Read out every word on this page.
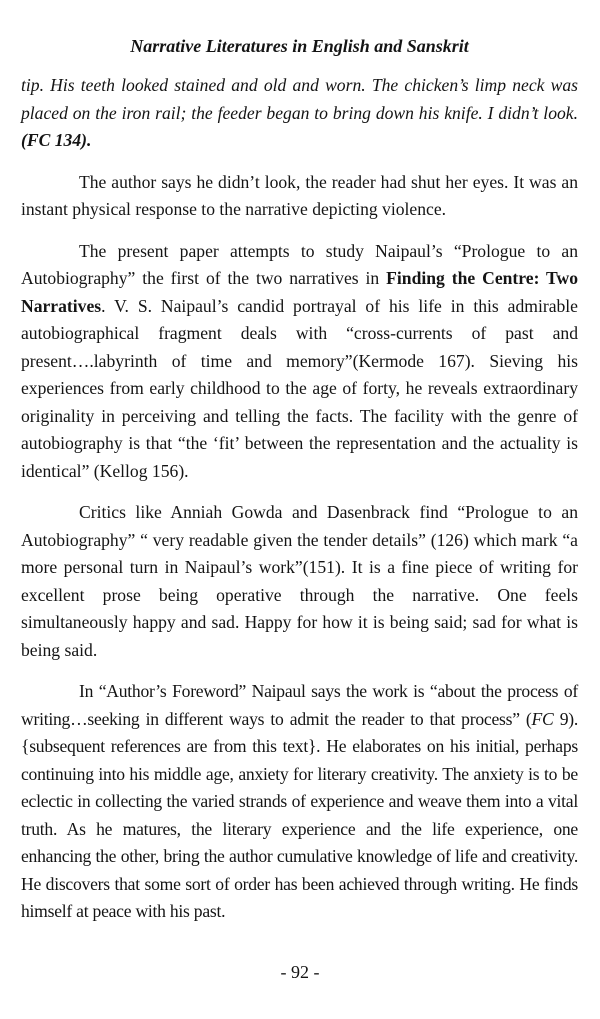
Narrative Literatures in English and Sanskrit

tip. His teeth looked stained and old and worn. The chicken’s limp neck was placed on the iron rail; the feeder began to bring down his knife. I didn’t look. (FC 134).

The author says he didn’t look, the reader had shut her eyes. It was an instant physical response to the narrative depicting violence.

The present paper attempts to study Naipaul’s “Prologue to an Autobiography” the first of the two narratives in Finding the Centre: Two Narratives. V. S. Naipaul’s candid portrayal of his life in this admirable autobiographical fragment deals with “cross-currents of past and present….labyrinth of time and memory”(Kermode 167). Sieving his experiences from early childhood to the age of forty, he reveals extraordinary originality in perceiving and telling the facts. The facility with the genre of autobiography is that “the ‘fit’ between the representation and the actuality is identical” (Kellog 156).

Critics like Anniah Gowda and Dasenbrack find “Prologue to an Autobiography” “ very readable given the tender details” (126) which mark “a more personal turn in Naipaul’s work”(151). It is a fine piece of writing for excellent prose being operative through the narrative. One feels simultaneously happy and sad. Happy for how it is being said; sad for what is being said.

In “Author’s Foreword” Naipaul says the work is “about the process of writing…seeking in different ways to admit the reader to that process” (FC 9). {subsequent references are from this text}. He elaborates on his initial, perhaps continuing into his middle age, anxiety for literary creativity. The anxiety is to be eclectic in collecting the varied strands of experience and weave them into a vital truth. As he matures, the literary experience and the life experience, one enhancing the other, bring the author cumulative knowledge of life and creativity. He discovers that some sort of order has been achieved through writing. He finds himself at peace with his past.

- 92 -
